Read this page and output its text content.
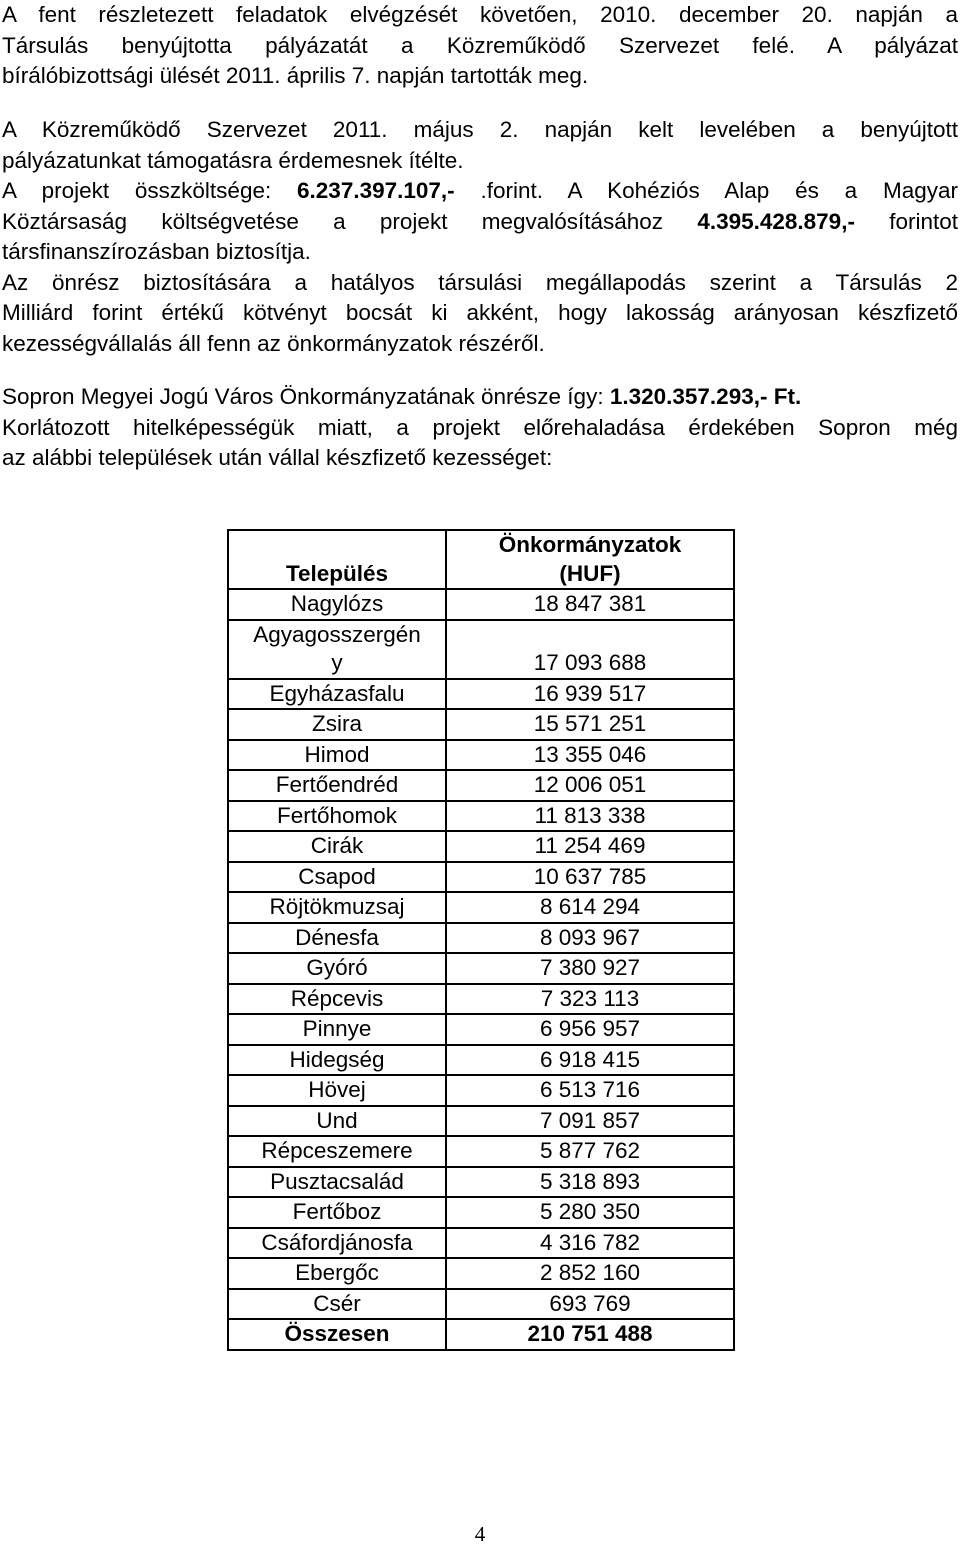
A fent részletezett feladatok elvégzését követően, 2010. december 20. napján a

Társulás benyújtotta pályázatát a Közreműködő Szervezet felé. A pályázat

bírálóbizottsági ülését 2011. április 7. napján tartották meg.

A Közreműködő Szervezet 2011. május 2. napján kelt levelében a benyújtott

pályázatunkat támogatásra érdemesnek ítélte.

A projekt összköltsége: 6.237.397.107,- .forint. A Kohéziós Alap és a Magyar

Köztársaság költségvetése a projekt megvalósításához 4.395.428.879,- forintot

társfinanszírozásban biztosítja.

Az önrész biztosítására a hatályos társulási megállapodás szerint a Társulás 2

Milliárd forint értékű kötvényt bocsát ki akként, hogy lakosság arányosan készfizető

kezességvállalás áll fenn az önkormányzatok részéről.

Sopron Megyei Jogú Város Önkormányzatának önrésze így: 1.320.357.293,- Ft.

Korlátozott hitelképességük miatt, a projekt előrehaladása érdekében Sopron még

az alábbi települések után vállal készfizető kezességet:

Település	Önkormányzatok
(HUF)
Nagylózs	18 847 381
Agyagosszergén
y	17 093 688
Egyházasfalu	16 939 517
Zsira	15 571 251
Himod	13 355 046
Fertőendréd	12 006 051
Fertőhomok	11 813 338
Cirák	11 254 469
Csapod	10 637 785
Röjtökmuzsaj	8 614 294
Dénesfa	8 093 967
Gyóró	7 380 927
Répcevis	7 323 113
Pinnye	6 956 957
Hidegség	6 918 415
Hövej	6 513 716
Und	7 091 857
Répceszemere	5 877 762
Pusztacsalád	5 318 893
Fertőboz	5 280 350
Csáfordjánosfa	4 316 782
Ebergőc	2 852 160
Csér	693 769
Összesen	210 751 488
4
